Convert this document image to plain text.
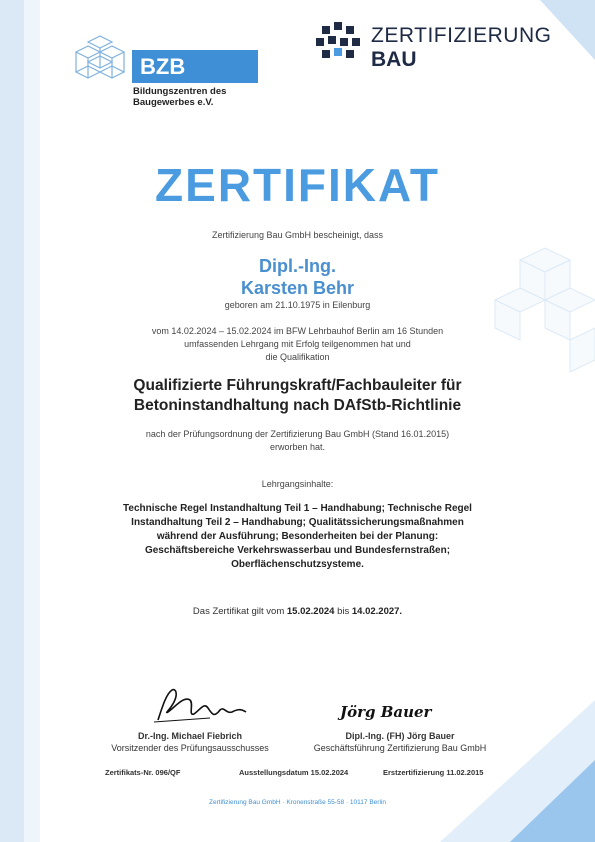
BZB
Bildungszentren des
Baugewerbes e.V.
ZERTIFIZIERUNG
BAU
ZERTIFIKAT
Zertifizierung Bau GmbH bescheinigt, dass
Dipl.-Ing.
Karsten Behr
geboren am 21.10.1975 in Eilenburg
vom 14.02.2024 – 15.02.2024 im BFW Lehrbauhof Berlin am 16 Stunden
umfassenden Lehrgang mit Erfolg teilgenommen hat und
die Qualifikation
Qualifizierte Führungskraft/Fachbauleiter für
Betoninstandhaltung nach DAfStb-Richtlinie
nach der Prüfungsordnung der Zertifizierung Bau GmbH (Stand 16.01.2015)
erworben hat.
Lehrgangsinhalte:
Technische Regel Instandhaltung Teil 1 – Handhabung; Technische Regel
Instandhaltung Teil 2 – Handhabung; Qualitätssicherungsmaßnahmen
während der Ausführung; Besonderheiten bei der Planung:
Geschäftsbereiche Verkehrswasserbau und Bundesfernstraßen;
Oberflächenschutzsysteme.
Das Zertifikat gilt vom 15.02.2024 bis 14.02.2027.
Dr.-Ing. Michael Fiebrich
Vorsitzender des Prüfungsausschusses
Jörg Bauer
Dipl.-Ing. (FH) Jörg Bauer
Geschäftsführung Zertifizierung Bau GmbH
Zertifikats-Nr. 096/QF	Ausstellungsdatum 15.02.2024	Erstzertifizierung 11.02.2015
Zertifizierung Bau GmbH · Kronenstraße 55-58 · 10117 Berlin
